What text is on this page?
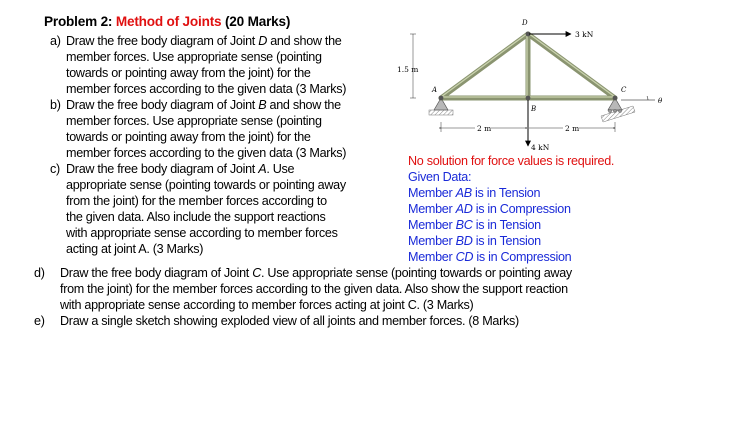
Problem 2: Method of Joints (20 Marks)
a) Draw the free body diagram of Joint D and show the
member forces. Use appropriate sense (pointing
towards or pointing away from the joint) for the
member forces according to the given data (3 Marks)
b) Draw the free body diagram of Joint B and show the
member forces. Use appropriate sense (pointing
towards or pointing away from the joint) for the
member forces according to the given data (3 Marks)
c) Draw the free body diagram of Joint A. Use
appropriate sense (pointing towards or pointing away
from the joint) for the member forces according to
the given data. Also include the support reactions
with appropriate sense according to member forces
acting at joint A. (3 Marks)
No solution for force values is required.
Given Data:
Member AB is in Tension
Member AD is in Compression
Member BC is in Tension
Member BD is in Tension
Member CD is in Compression
d) Draw the free body diagram of Joint C. Use appropriate sense (pointing towards or pointing away
from the joint) for the member forces according to the given data. Also show the support reaction
with appropriate sense according to member forces acting at joint C. (3 Marks)
e) Draw a single sketch showing exploded view of all joints and member forces. (8 Marks)
D
A
B
C
3 kN
4 kN
1.5 m
2 m	2 m
θ
